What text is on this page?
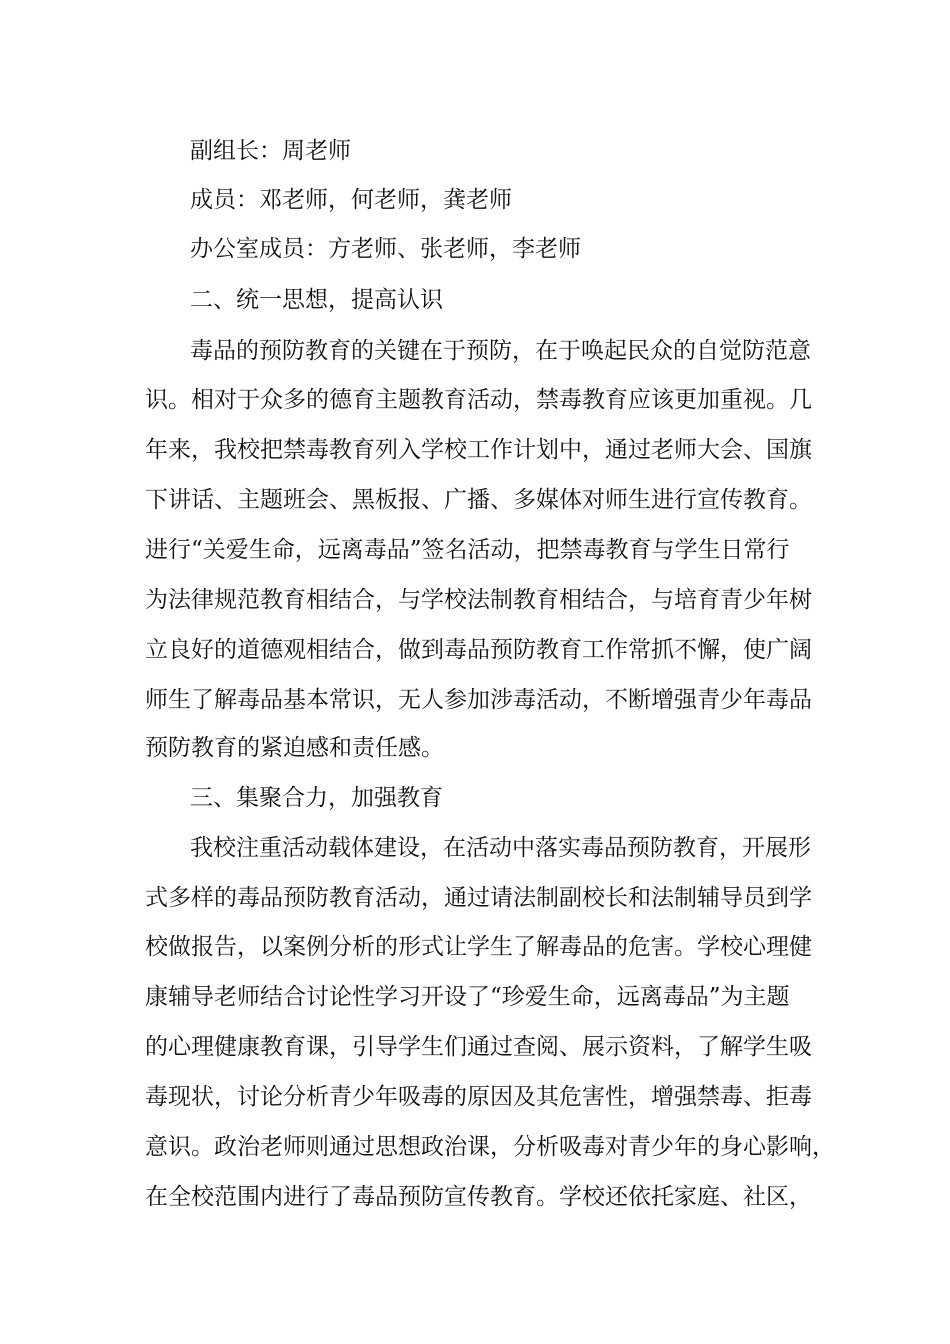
副组长：周老师
成员：邓老师，何老师，龚老师
办公室成员：方老师、张老师，李老师
二、统一思想，提高认识
毒品的预防教育的关键在于预防，在于唤起民众的自觉防范意
识。相对于众多的德育主题教育活动，禁毒教育应该更加重视。几
年来，我校把禁毒教育列入学校工作计划中，通过老师大会、国旗
下讲话、主题班会、黑板报、广播、多媒体对师生进行宣传教育。
进行“关爱生命，远离毒品”签名活动，把禁毒教育与学生日常行
为法律规范教育相结合，与学校法制教育相结合，与培育青少年树
立良好的道德观相结合，做到毒品预防教育工作常抓不懈，使广阔
师生了解毒品基本常识，无人参加涉毒活动，不断增强青少年毒品
预防教育的紧迫感和责任感。
三、集聚合力，加强教育
我校注重活动载体建设，在活动中落实毒品预防教育，开展形
式多样的毒品预防教育活动，通过请法制副校长和法制辅导员到学
校做报告，以案例分析的形式让学生了解毒品的危害。学校心理健
康辅导老师结合讨论性学习开设了“珍爱生命，远离毒品”为主题
的心理健康教育课，引导学生们通过查阅、展示资料，了解学生吸
毒现状，讨论分析青少年吸毒的原因及其危害性，增强禁毒、拒毒
意识。政治老师则通过思想政治课，分析吸毒对青少年的身心影响，
在全校范围内进行了毒品预防宣传教育。学校还依托家庭、社区，
